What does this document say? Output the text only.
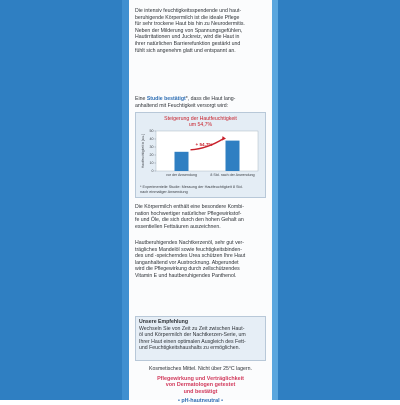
Die intensiv feuchtigkeitsspendende und haut-

beruhigende Körpermilch ist die ideale Pflege

für sehr trockene Haut bis hin zu Neurodermitis.

Neben der Milderung von Spannungsgefühlen,

Hautirritationen und Juckreiz, wird die Haut in

ihrer natürlichen Barrierefunktion gestärkt und

fühlt sich angenehm glatt und entspannt an.

Eine Studie bestätigt*, dass die Haut lang-

anhaltend mit Feuchtigkeit versorgt wird:

Steigerung der Hautfeuchtigkeit
um 54,7%
0
10
20
30
40
50
Hautfeuchtigkeit in [a.u.]
vor der Anwendung	8 Std. nach der Anwendung
+ 54,7%
* Experimentelle Studie: Messung der Hautfeuchtigkeit 8 Std.
nach einmaliger Anwendung

Die Körpermilch enthält eine besondere Kombi-

nation hochwertiger natürlicher Pflegewirkstof-

fe und Öle, die sich durch den hohen Gehalt an

essentiellen Fettsäuren auszeichnen.

Hautberuhigendes Nachtkerzenöl, sehr gut ver-

trägliches Mandelöl sowie feuchtigkeitsbinden-

des und -speicherndes Urea schützen Ihre Haut

langanhaltend vor Austrocknung. Abgerundet

wird die Pflegewirkung durch zellschützendes

Vitamin E und hautberuhigendes Panthenol.

Unsere Empfehlung

Wechseln Sie von Zeit zu Zeit zwischen Haut-

öl und Körpermilch der Nachtkerzen-Serie, um

Ihrer Haut einen optimalen Ausgleich des Fett-

und Feuchtigkeitshaushalts zu ermöglichen.

Kosmetisches Mittel. Nicht über 25°C lagern.

Pflegewirkung und Verträglichkeit

von Dermatologen getestet

und bestätigt

• pH-hautneutral •
